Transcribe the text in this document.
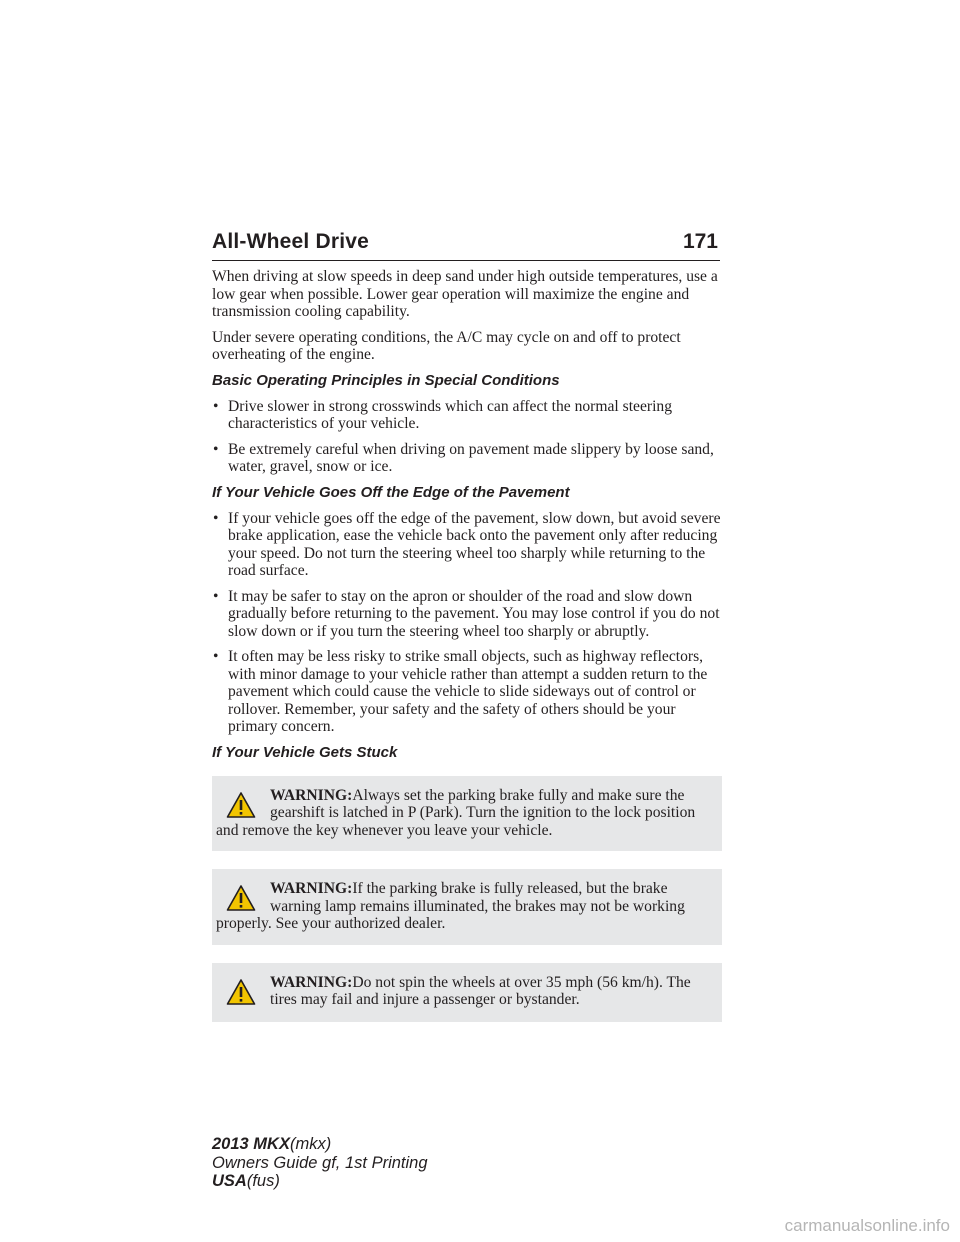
All-Wheel Drive	171

When driving at slow speeds in deep sand under high outside temperatures, use a low gear when possible. Lower gear operation will maximize the engine and transmission cooling capability.

Under severe operating conditions, the A/C may cycle on and off to protect overheating of the engine.

Basic Operating Principles in Special Conditions
• Drive slower in strong crosswinds which can affect the normal steering characteristics of your vehicle.
• Be extremely careful when driving on pavement made slippery by loose sand, water, gravel, snow or ice.
If Your Vehicle Goes Off the Edge of the Pavement
• If your vehicle goes off the edge of the pavement, slow down, but avoid severe brake application, ease the vehicle back onto the pavement only after reducing your speed. Do not turn the steering wheel too sharply while returning to the road surface.
• It may be safer to stay on the apron or shoulder of the road and slow down gradually before returning to the pavement. You may lose control if you do not slow down or if you turn the steering wheel too sharply or abruptly.
• It often may be less risky to strike small objects, such as highway reflectors, with minor damage to your vehicle rather than attempt a sudden return to the pavement which could cause the vehicle to slide sideways out of control or rollover. Remember, your safety and the safety of others should be your primary concern.
If Your Vehicle Gets Stuck
WARNING:Always set the parking brake fully and make sure the gearshift is latched in P (Park). Turn the ignition to the lock position and remove the key whenever you leave your vehicle.
WARNING:If the parking brake is fully released, but the brake warning lamp remains illuminated, the brakes may not be working properly. See your authorized dealer.
WARNING:Do not spin the wheels at over 35 mph (56 km/h). The tires may fail and injure a passenger or bystander.
2013 MKX(mkx)
Owners Guide gf, 1st Printing
USA(fus)
carmanualsonline.info
